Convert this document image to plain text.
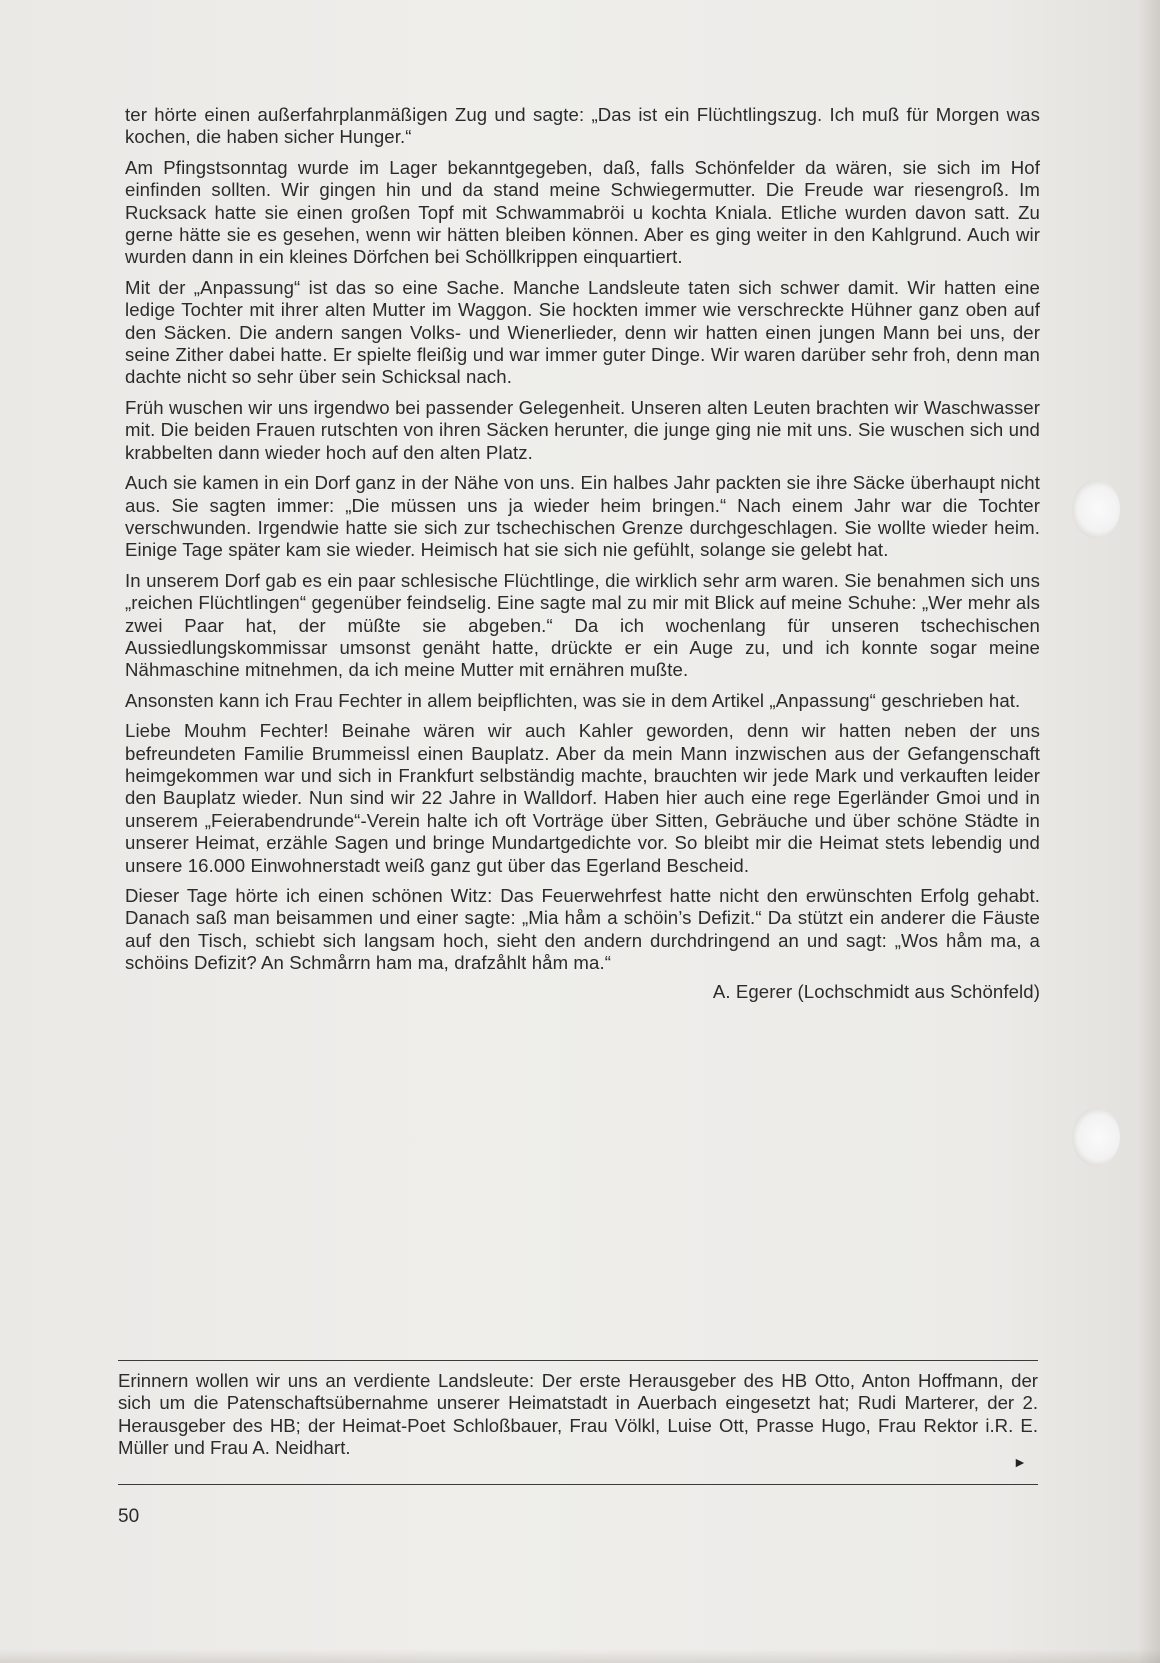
ter hörte einen außerfahrplanmäßigen Zug und sagte: „Das ist ein Flüchtlingszug. Ich muß für Morgen was kochen, die haben sicher Hunger.“

Am Pfingstsonntag wurde im Lager bekanntgegeben, daß, falls Schönfelder da wären, sie sich im Hof einfinden sollten. Wir gingen hin und da stand meine Schwiegermutter. Die Freude war riesengroß. Im Rucksack hatte sie einen großen Topf mit Schwammabröi u kochta Kniala. Etliche wurden davon satt. Zu gerne hätte sie es gesehen, wenn wir hätten bleiben können. Aber es ging weiter in den Kahlgrund. Auch wir wurden dann in ein kleines Dörfchen bei Schöllkrippen einquartiert.

Mit der „Anpassung“ ist das so eine Sache. Manche Landsleute taten sich schwer damit. Wir hatten eine ledige Tochter mit ihrer alten Mutter im Waggon. Sie hockten immer wie verschreckte Hühner ganz oben auf den Säcken. Die andern sangen Volks- und Wienerlieder, denn wir hatten einen jungen Mann bei uns, der seine Zither dabei hatte. Er spielte fleißig und war immer guter Dinge. Wir waren darüber sehr froh, denn man dachte nicht so sehr über sein Schicksal nach.

Früh wuschen wir uns irgendwo bei passender Gelegenheit. Unseren alten Leuten brachten wir Waschwasser mit. Die beiden Frauen rutschten von ihren Säcken herunter, die junge ging nie mit uns. Sie wuschen sich und krabbelten dann wieder hoch auf den alten Platz.

Auch sie kamen in ein Dorf ganz in der Nähe von uns. Ein halbes Jahr packten sie ihre Säcke überhaupt nicht aus. Sie sagten immer: „Die müssen uns ja wieder heim bringen.“ Nach einem Jahr war die Tochter verschwunden. Irgendwie hatte sie sich zur tschechischen Grenze durchgeschlagen. Sie wollte wieder heim. Einige Tage später kam sie wieder. Heimisch hat sie sich nie gefühlt, solange sie gelebt hat.

In unserem Dorf gab es ein paar schlesische Flüchtlinge, die wirklich sehr arm waren. Sie benahmen sich uns „reichen Flüchtlingen“ gegenüber feindselig. Eine sagte mal zu mir mit Blick auf meine Schuhe: „Wer mehr als zwei Paar hat, der müßte sie abgeben.“ Da ich wochenlang für unseren tschechischen Aussiedlungskommissar umsonst genäht hatte, drückte er ein Auge zu, und ich konnte sogar meine Nähmaschine mitnehmen, da ich meine Mutter mit ernähren mußte.

Ansonsten kann ich Frau Fechter in allem beipflichten, was sie in dem Artikel „Anpassung“ geschrieben hat.

Liebe Mouhm Fechter! Beinahe wären wir auch Kahler geworden, denn wir hatten neben der uns befreundeten Familie Brummeissl einen Bauplatz. Aber da mein Mann inzwischen aus der Gefangenschaft heimgekommen war und sich in Frankfurt selbständig machte, brauchten wir jede Mark und verkauften leider den Bauplatz wieder. Nun sind wir 22 Jahre in Walldorf. Haben hier auch eine rege Egerländer Gmoi und in unserem „Feierabendrunde“-Verein halte ich oft Vorträge über Sitten, Gebräuche und über schöne Städte in unserer Heimat, erzähle Sagen und bringe Mundartgedichte vor. So bleibt mir die Heimat stets lebendig und unsere 16.000 Einwohnerstadt weiß ganz gut über das Egerland Bescheid.

Dieser Tage hörte ich einen schönen Witz: Das Feuerwehrfest hatte nicht den erwünschten Erfolg gehabt. Danach saß man beisammen und einer sagte: „Mia håm a schöin’s Defizit.“ Da stützt ein anderer die Fäuste auf den Tisch, schiebt sich langsam hoch, sieht den andern durchdringend an und sagt: „Wos håm ma, a schöins Defizit? An Schmårrn ham ma, drafzåhlt håm ma.“

A. Egerer (Lochschmidt aus Schönfeld)

Erinnern wollen wir uns an verdiente Landsleute: Der erste Herausgeber des HB Otto, Anton Hoffmann, der sich um die Patenschaftsübernahme unserer Heimatstadt in Auerbach eingesetzt hat; Rudi Marterer, der 2. Herausgeber des HB; der Heimat-Poet Schloßbauer, Frau Völkl, Luise Ott, Prasse Hugo, Frau Rektor i.R. E. Müller und Frau A. Neidhart.

►
50
